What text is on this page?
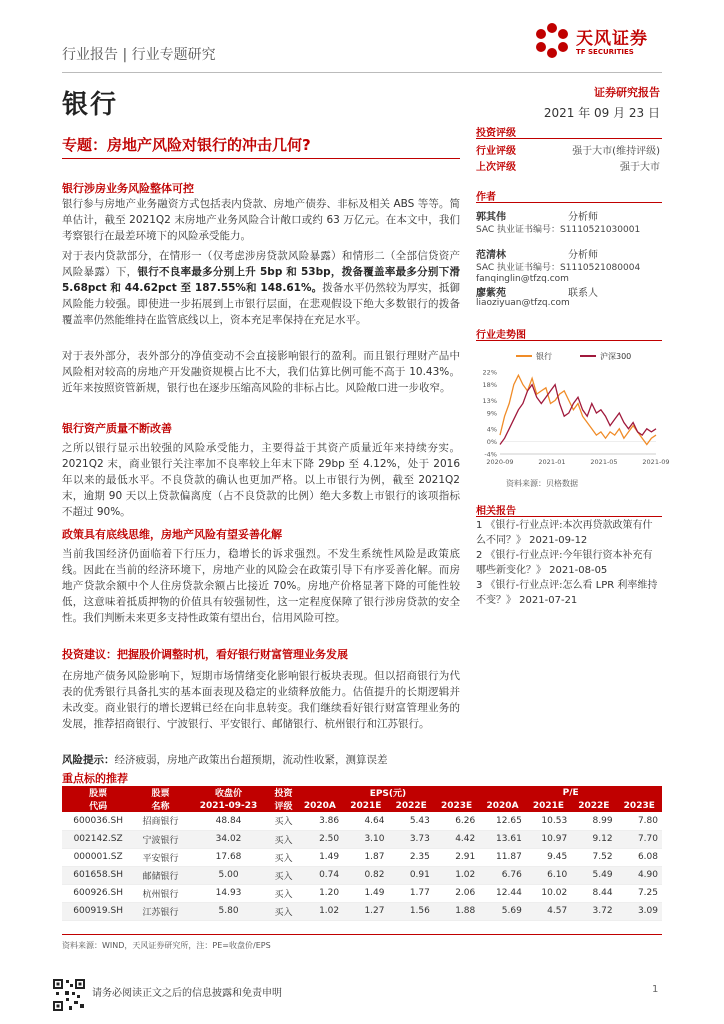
行业报告 | 行业专题研究
银行
天风证券
TF SECURITIES
证券研究报告
2021 年 09 月 23 日
专题：房地产风险对银行的冲击几何?
银行涉房业务风险整体可控
银行参与房地产业务融资方式包括表内贷款、房地产债券、非标及相关 ABS 等等。简单估计，截至 2021Q2 末房地产业务风险合计敞口或约 63 万亿元。在本文中，我们考察银行在最差环境下的风险承受能力。
对于表内贷款部分，在情形一（仅考虑涉房贷款风险暴露）和情形二（全部信贷资产风险暴露）下，银行不良率最多分别上升 5bp 和 53bp，拨备覆盖率最多分别下滑 5.68pct 和 44.62pct 至 187.55%和 148.61%。拨备水平仍然较为厚实，抵御风险能力较强。即使进一步拓展到上市银行层面，在悲观假设下绝大多数银行的拨备覆盖率仍然能维持在监管底线以上，资本充足率保持在充足水平。
对于表外部分，表外部分的净值变动不会直接影响银行的盈利。而且银行理财产品中风险相对较高的房地产开发融资规模占比不大，我们估算比例可能不高于 10.43%。近年来按照资管新规，银行也在逐步压缩高风险的非标占比。风险敞口进一步收窄。
银行资产质量不断改善
之所以银行显示出较强的风险承受能力，主要得益于其资产质量近年来持续夯实。2021Q2 末，商业银行关注率加不良率较上年末下降 29bp 至 4.12%，处于 2016 年以来的最低水平。不良贷款的确认也更加严格。以上市银行为例，截至 2021Q2 末，逾期 90 天以上贷款偏离度（占不良贷款的比例）绝大多数上市银行的该项指标不超过 90%。
政策具有底线思维，房地产风险有望妥善化解
当前我国经济仍面临着下行压力，稳增长的诉求强烈。不发生系统性风险是政策底线。因此在当前的经济环境下，房地产业的风险会在政策引导下有序妥善化解。而房地产贷款余额中个人住房贷款余额占比接近 70%。房地产价格显著下降的可能性较低，这意味着抵质押物的价值具有较强韧性，这一定程度保障了银行涉房贷款的安全性。我们判断未来更多支持性政策有望出台，信用风险可控。
投资建议：把握股价调整时机，看好银行财富管理业务发展
在房地产债务风险影响下，短期市场情绪变化影响银行板块表现。但以招商银行为代表的优秀银行具备扎实的基本面表现及稳定的业绩释放能力。估值提升的长期逻辑并未改变。商业银行的增长逻辑已经在向非息转变。我们继续看好银行财富管理业务的发展，推荐招商银行、宁波银行、平安银行、邮储银行、杭州银行和江苏银行。
风险提示：经济疲弱，房地产政策出台超预期，流动性收紧，测算误差
投资评级
行业评级	强于大市(维持评级)
上次评级	强于大市
作者
郭其伟	分析师
SAC 执业证书编号：S1110521030001
范清林	分析师
SAC 执业证书编号：S1110521080004
fanqinglin@tfzq.com
廖紫苑	联系人
liaoziyuan@tfzq.com
行业走势图
银行	沪深300
22%
18%
13%
9%
4%
0%
-4%
2020-09	2021-01	2021-05	2021-09
资料来源：贝格数据
相关报告
1 《银行-行业点评:本次再贷款政策有什么不同？》 2021-09-12
2 《银行-行业点评:今年银行资本补充有哪些新变化？》 2021-08-05
3 《银行-行业点评:怎么看 LPR 利率维持不变？》 2021-07-21
重点标的推荐
股票	股票	收盘价	投资	EPS(元)				P/E			
代码	名称	2021-09-23	评级	2020A	2021E	2022E	2023E	2020A	2021E	2022E	2023E
600036.SH	招商银行	48.84	买入	3.86	4.64	5.43	6.26	12.65	10.53	8.99	7.80
002142.SZ	宁波银行	34.02	买入	2.50	3.10	3.73	4.42	13.61	10.97	9.12	7.70
000001.SZ	平安银行	17.68	买入	1.49	1.87	2.35	2.91	11.87	9.45	7.52	6.08
601658.SH	邮储银行	5.00	买入	0.74	0.82	0.91	1.02	6.76	6.10	5.49	4.90
600926.SH	杭州银行	14.93	买入	1.20	1.49	1.77	2.06	12.44	10.02	8.44	7.25
600919.SH	江苏银行	5.80	买入	1.02	1.27	1.56	1.88	5.69	4.57	3.72	3.09
资料来源：WIND，天风证券研究所，注：PE=收盘价/EPS
请务必阅读正文之后的信息披露和免责申明	1
